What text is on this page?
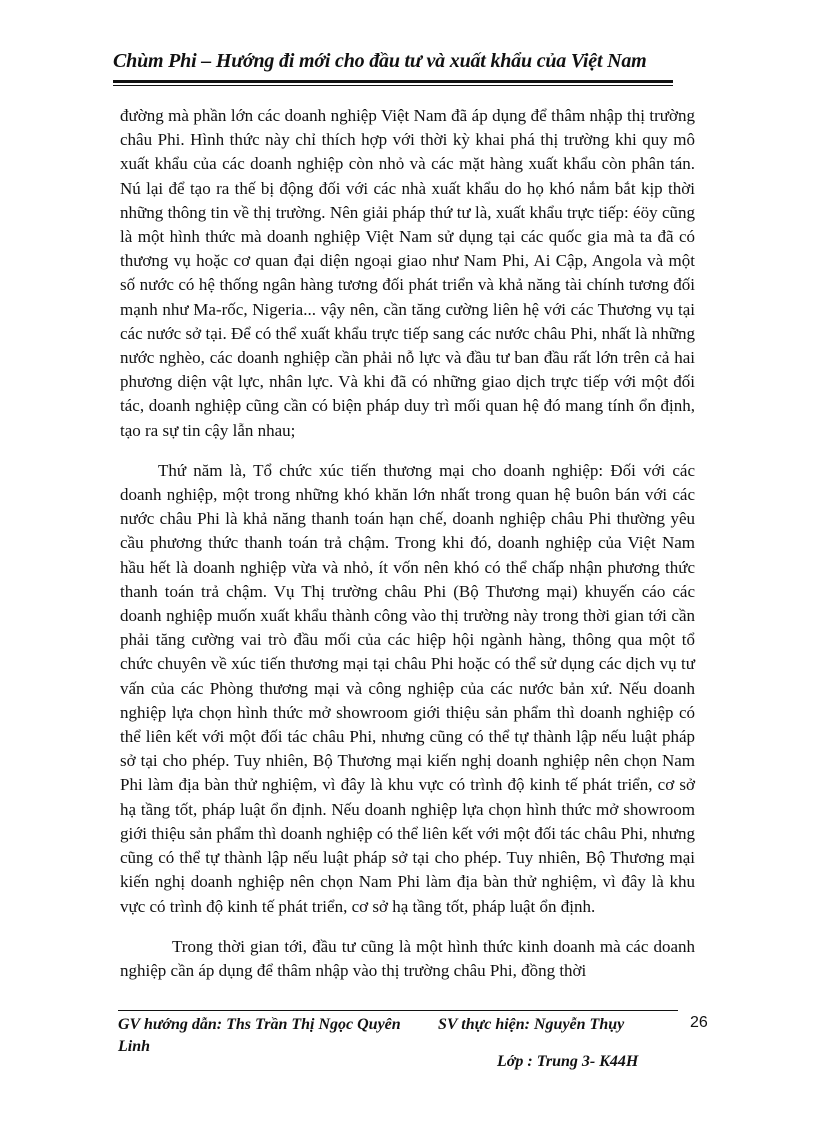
Chùm Phi – Hướng đi mới cho đầu tư và xuất khẩu của Việt Nam

đường mà phần lớn các doanh nghiệp Việt Nam đã áp dụng để thâm nhập thị trường châu Phi. Hình thức này chỉ thích hợp với thời kỳ khai phá thị trường khi quy mô xuất khẩu của các doanh nghiệp còn nhỏ và các mặt hàng xuất khẩu còn phân tán. Nú lại để tạo ra thế bị động đối với các nhà xuất khẩu do họ khó nắm bắt kịp thời những thông tin về thị trường. Nên giải pháp thứ tư là, xuất khẩu trực tiếp: éöy cũng là một hình thức mà doanh nghiệp Việt Nam sử dụng tại các quốc gia mà ta đã có thương vụ hoặc cơ quan đại diện ngoại giao như Nam Phi, Ai Cập, Angola và một số nước có hệ thống ngân hàng tương đối phát triển và khả năng tài chính tương đối mạnh như Ma-rốc, Nigeria... vậy nên, cần tăng cường liên hệ với các Thương vụ tại các nước sở tại. Để có thể xuất khẩu trực tiếp sang các nước châu Phi, nhất là những nước nghèo, các doanh nghiệp cần phải nỗ lực và đầu tư ban đầu rất lớn trên cả hai phương diện vật lực, nhân lực. Và khi đã có những giao dịch trực tiếp với một đối tác, doanh nghiệp cũng cần có biện pháp duy trì mối quan hệ đó mang tính ổn định, tạo ra sự tin cậy lẫn nhau;

Thứ năm là, Tổ chức xúc tiến thương mại cho doanh nghiệp: Đối với các doanh nghiệp, một trong những khó khăn lớn nhất trong quan hệ buôn bán với các nước châu Phi là khả năng thanh toán hạn chế, doanh nghiệp châu Phi thường yêu cầu phương thức thanh toán trả chậm. Trong khi đó, doanh nghiệp của Việt Nam hầu hết là doanh nghiệp vừa và nhỏ, ít vốn nên khó có thể chấp nhận phương thức thanh toán trả chậm. Vụ Thị trường châu Phi (Bộ Thương mại) khuyến cáo các doanh nghiệp muốn xuất khẩu thành công vào thị trường này trong thời gian tới cần phải tăng cường vai trò đầu mối của các hiệp hội ngành hàng, thông qua một tổ chức chuyên về xúc tiến thương mại tại châu Phi hoặc có thể sử dụng các dịch vụ tư vấn của các Phòng thương mại và công nghiệp của các nước bản xứ. Nếu doanh nghiệp lựa chọn hình thức mở showroom giới thiệu sản phẩm thì doanh nghiệp có thể liên kết với một đối tác châu Phi, nhưng cũng có thể tự thành lập nếu luật pháp sở tại cho phép. Tuy nhiên, Bộ Thương mại kiến nghị doanh nghiệp nên chọn Nam Phi làm địa bàn thử nghiệm, vì đây là khu vực có trình độ kinh tế phát triển, cơ sở hạ tầng tốt, pháp luật ổn định. Nếu doanh nghiệp lựa chọn hình thức mở showroom giới thiệu sản phẩm thì doanh nghiệp có thể liên kết với một đối tác châu Phi, nhưng cũng có thể tự thành lập nếu luật pháp sở tại cho phép. Tuy nhiên, Bộ Thương mại kiến nghị doanh nghiệp nên chọn Nam Phi làm địa bàn thử nghiệm, vì đây là khu vực có trình độ kinh tế phát triển, cơ sở hạ tầng tốt, pháp luật ổn định.

Trong thời gian tới, đầu tư cũng là một hình thức kinh doanh mà các doanh nghiệp cần áp dụng để thâm nhập vào thị trường châu Phi, đồng thời

GV hướng dẫn: Ths Trần Thị Ngọc Quyên Linh
SV thực hiện: Nguyễn Thụy	26
Lớp : Trung 3- K44H
